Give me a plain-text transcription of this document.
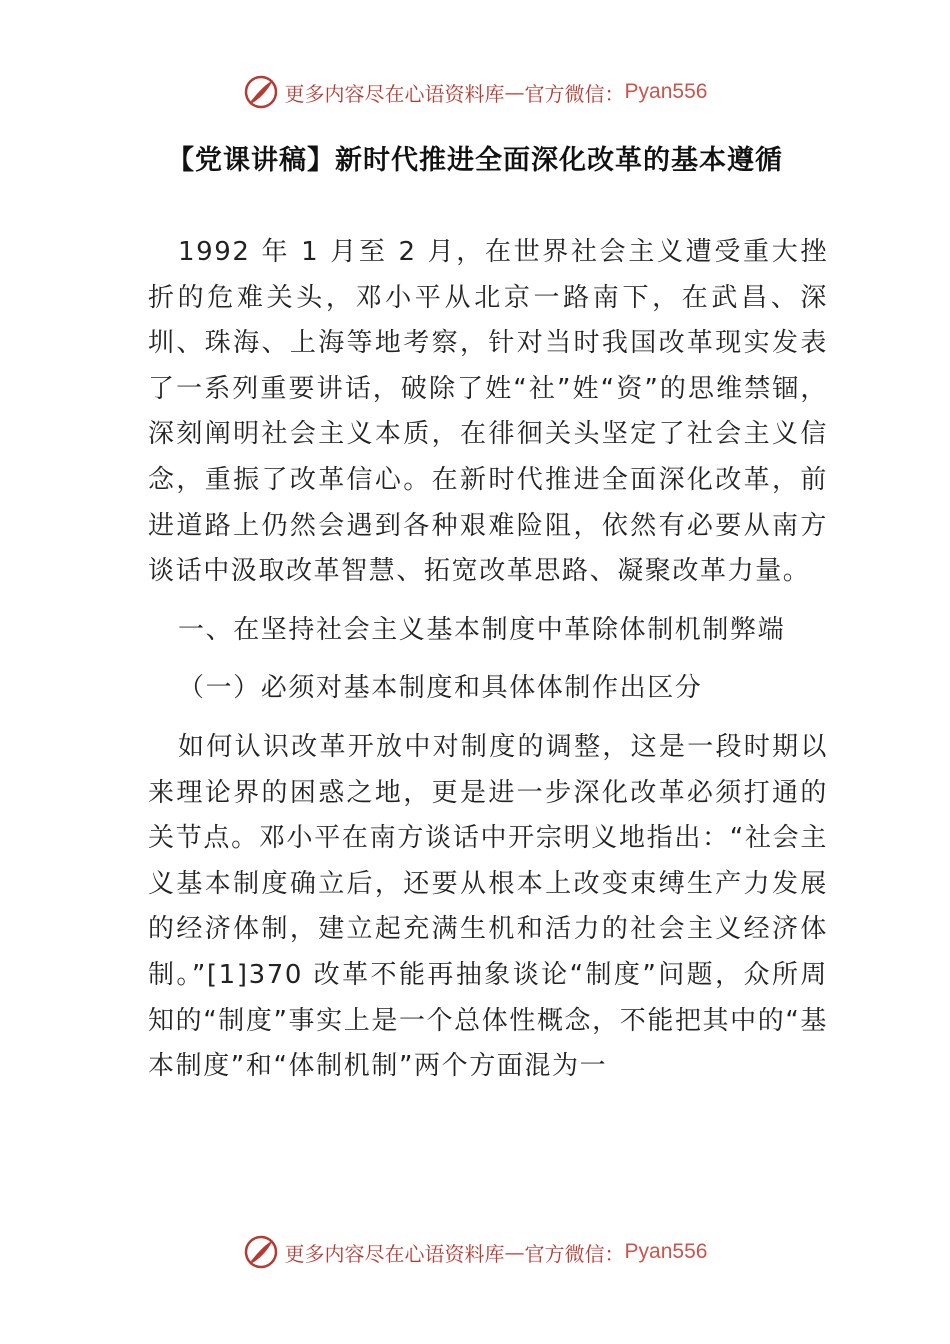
更多内容尽在心语资料库 — 官方微信： Pyan556
【党课讲稿】新时代推进全面深化改革的基本遵循

1992 年 1 月至 2 月，在世界社会主义遭受重大挫折的危难关头，邓小平从北京一路南下，在武昌、深圳、珠海、上海等地考察，针对当时我国改革现实发表了一系列重要讲话，破除了姓“社”姓“资”的思维禁锢，深刻阐明社会主义本质，在徘徊关头坚定了社会主义信念，重振了改革信心。在新时代推进全面深化改革，前进道路上仍然会遇到各种艰难险阻，依然有必要从南方谈话中汲取改革智慧、拓宽改革思路、凝聚改革力量。

一、在坚持社会主义基本制度中革除体制机制弊端

（一）必须对基本制度和具体体制作出区分

如何认识改革开放中对制度的调整，这是一段时期以来理论界的困惑之地，更是进一步深化改革必须打通的关节点。邓小平在南方谈话中开宗明义地指出：“社会主义基本制度确立后，还要从根本上改变束缚生产力发展的经济体制，建立起充满生机和活力的社会主义经济体制。”[1]370 改革不能再抽象谈论“制度”问题，众所周知的“制度”事实上是一个总体性概念，不能把其中的“基本制度”和“体制机制”两个方面混为一

更多内容尽在心语资料库 — 官方微信： Pyan556
